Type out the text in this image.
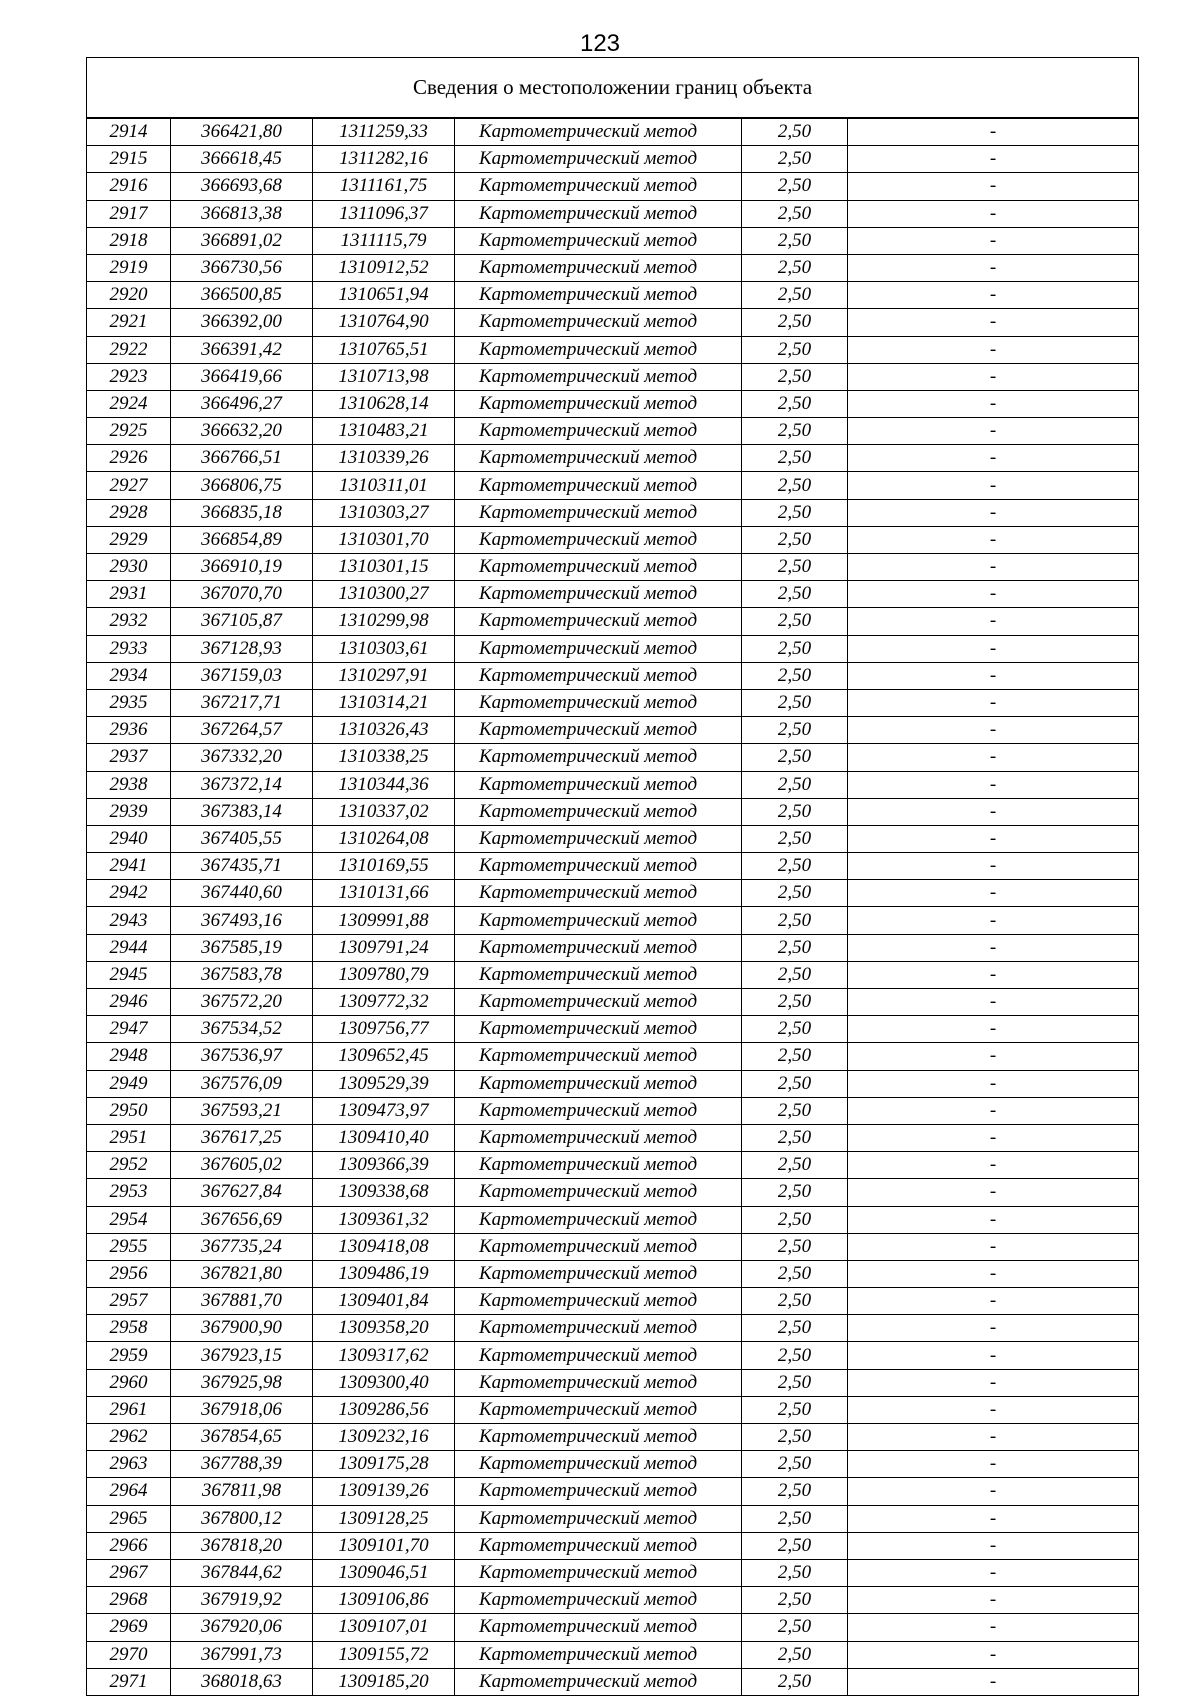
123
Сведения о местоположении границ объекта					
2914	366421,80	1311259,33	Картометрический метод	2,50	-
2915	366618,45	1311282,16	Картометрический метод	2,50	-
2916	366693,68	1311161,75	Картометрический метод	2,50	-
2917	366813,38	1311096,37	Картометрический метод	2,50	-
2918	366891,02	1311115,79	Картометрический метод	2,50	-
2919	366730,56	1310912,52	Картометрический метод	2,50	-
2920	366500,85	1310651,94	Картометрический метод	2,50	-
2921	366392,00	1310764,90	Картометрический метод	2,50	-
2922	366391,42	1310765,51	Картометрический метод	2,50	-
2923	366419,66	1310713,98	Картометрический метод	2,50	-
2924	366496,27	1310628,14	Картометрический метод	2,50	-
2925	366632,20	1310483,21	Картометрический метод	2,50	-
2926	366766,51	1310339,26	Картометрический метод	2,50	-
2927	366806,75	1310311,01	Картометрический метод	2,50	-
2928	366835,18	1310303,27	Картометрический метод	2,50	-
2929	366854,89	1310301,70	Картометрический метод	2,50	-
2930	366910,19	1310301,15	Картометрический метод	2,50	-
2931	367070,70	1310300,27	Картометрический метод	2,50	-
2932	367105,87	1310299,98	Картометрический метод	2,50	-
2933	367128,93	1310303,61	Картометрический метод	2,50	-
2934	367159,03	1310297,91	Картометрический метод	2,50	-
2935	367217,71	1310314,21	Картометрический метод	2,50	-
2936	367264,57	1310326,43	Картометрический метод	2,50	-
2937	367332,20	1310338,25	Картометрический метод	2,50	-
2938	367372,14	1310344,36	Картометрический метод	2,50	-
2939	367383,14	1310337,02	Картометрический метод	2,50	-
2940	367405,55	1310264,08	Картометрический метод	2,50	-
2941	367435,71	1310169,55	Картометрический метод	2,50	-
2942	367440,60	1310131,66	Картометрический метод	2,50	-
2943	367493,16	1309991,88	Картометрический метод	2,50	-
2944	367585,19	1309791,24	Картометрический метод	2,50	-
2945	367583,78	1309780,79	Картометрический метод	2,50	-
2946	367572,20	1309772,32	Картометрический метод	2,50	-
2947	367534,52	1309756,77	Картометрический метод	2,50	-
2948	367536,97	1309652,45	Картометрический метод	2,50	-
2949	367576,09	1309529,39	Картометрический метод	2,50	-
2950	367593,21	1309473,97	Картометрический метод	2,50	-
2951	367617,25	1309410,40	Картометрический метод	2,50	-
2952	367605,02	1309366,39	Картометрический метод	2,50	-
2953	367627,84	1309338,68	Картометрический метод	2,50	-
2954	367656,69	1309361,32	Картометрический метод	2,50	-
2955	367735,24	1309418,08	Картометрический метод	2,50	-
2956	367821,80	1309486,19	Картометрический метод	2,50	-
2957	367881,70	1309401,84	Картометрический метод	2,50	-
2958	367900,90	1309358,20	Картометрический метод	2,50	-
2959	367923,15	1309317,62	Картометрический метод	2,50	-
2960	367925,98	1309300,40	Картометрический метод	2,50	-
2961	367918,06	1309286,56	Картометрический метод	2,50	-
2962	367854,65	1309232,16	Картометрический метод	2,50	-
2963	367788,39	1309175,28	Картометрический метод	2,50	-
2964	367811,98	1309139,26	Картометрический метод	2,50	-
2965	367800,12	1309128,25	Картометрический метод	2,50	-
2966	367818,20	1309101,70	Картометрический метод	2,50	-
2967	367844,62	1309046,51	Картометрический метод	2,50	-
2968	367919,92	1309106,86	Картометрический метод	2,50	-
2969	367920,06	1309107,01	Картометрический метод	2,50	-
2970	367991,73	1309155,72	Картометрический метод	2,50	-
2971	368018,63	1309185,20	Картометрический метод	2,50	-
